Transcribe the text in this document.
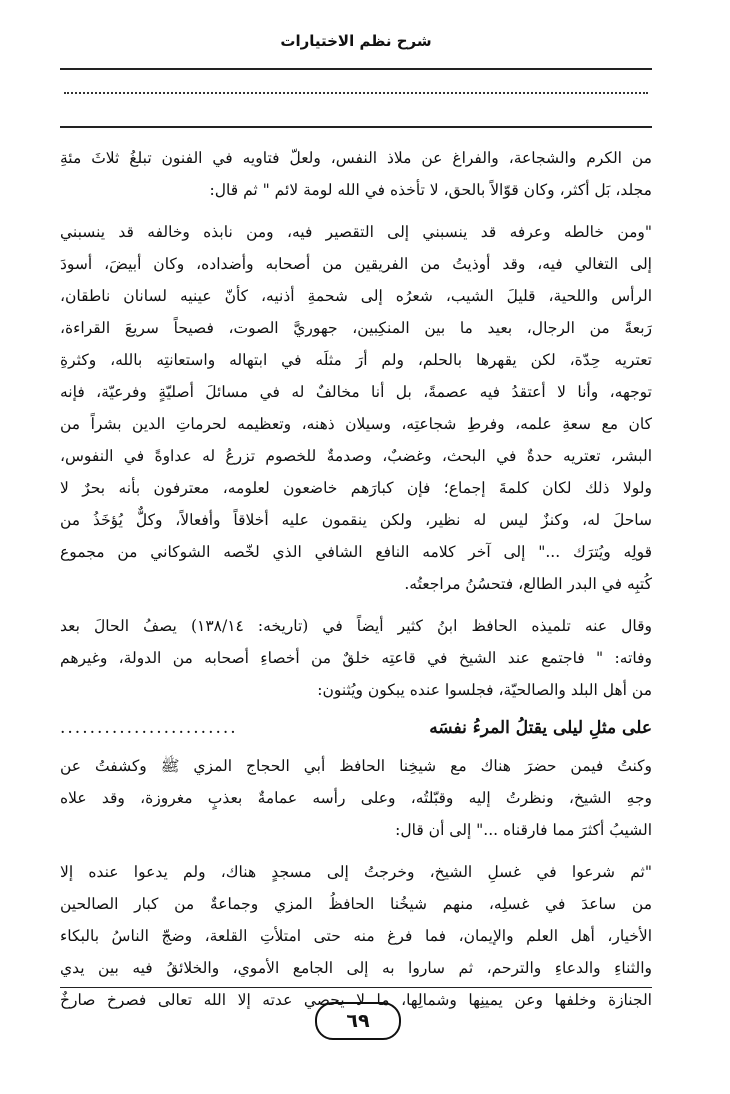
شرح نظم الاختيارات
من الكرم والشجاعة، والفراغ عن ملاذ النفس، ولعلّ فتاويه في الفنون تبلغُ ثلاثَ مئةِ
مجلد، بَل أكثر، وكان قوّالاً بالحق، لا تأخذه في الله لومة لائم " ثم قال:
"ومن خالطه وعرفه قد ينسبني إلى التقصير فيه، ومن نابذه وخالفه قد ينسبني
إلى التغالي فيه، وقد أوذيتُ من الفريقين من أصحابه وأضداده، وكان أبيضَ، أسودَ
الرأس واللحية، قليلَ الشيب، شعرُه إلى شحمةِ أذنيه، كأنّ عينيه لسانان ناطقان،
رَبعةً من الرجال، بعيد ما بين المنكِبين، جهوريَّ الصوت، فصيحاً سريعَ القراءة،
تعتريه حِدّة، لكن يقهرها بالحلم، ولم أرَ مثلَه في ابتهاله واستعانتِه بالله، وكثرةِ
توجهه، وأنا لا أعتقدُ فيه عصمةً، بل أنا مخالفٌ له في مسائلَ أصليّةٍ وفرعيّة، فإنه
كان مع سعةِ علمه، وفرطِ شجاعتِه، وسيلان ذهنه، وتعظيمه لحرماتِ الدين بشراً من
البشر، تعتريه حدةٌ في البحث، وغضبٌ، وصدمةٌ للخصوم تزرعُ له عداوةً في النفوس،
ولولا ذلك لكان كلمةَ إجماع؛ فإن كبارَهم خاضعون لعلومه، معترفون بأنه بحرٌ لا
ساحلَ له، وكنزٌ ليس له نظير، ولكن ينقمون عليه أخلاقاً وأفعالاً، وكلٌّ يُؤخَذُ من
قولِه ويُترَك ..." إلى آخر كلامه النافع الشافي الذي لخّصه الشوكاني من مجموع
كُتبِه في البدر الطالع، فتحسُنُ مراجعتُه.
وقال عنه تلميذه الحافظ ابنُ كثير أيضاً في (تاريخه: ١٣٨/١٤) يصفُ الحالَ بعد
وفاته: " فاجتمع عند الشيخ في قاعتِه خلقٌ من أخصاءِ أصحابه من الدولة، وغيرهم
من أهل البلد والصالحيّة، فجلسوا عنده يبكون ويُثنون:
على مثلِ ليلى يقتلُ المرءُ نفسَه
........................
وكنتُ فيمن حضرَ هناك مع شيخِنا الحافظ أبي الحجاج المزي ﷺ وكشفتُ عن
وجهِ الشيخ، ونظرتُ إليه وقبّلتُه، وعلى رأسه عمامةٌ بعذبٍ مغروزة، وقد علاه
الشيبُ أكثرَ مما فارقناه ..." إلى أن قال:
"ثم شرعوا في غسلِ الشيخ، وخرجتُ إلى مسجدٍ هناك، ولم يدعوا عنده إلا
من ساعدَ في غسلِه، منهم شيخُنا الحافظُ المزي وجماعةٌ من كبار الصالحين
الأخيار، أهل العلم والإيمان، فما فرغ منه حتى امتلأتِ القلعة، وضجّ الناسُ بالبكاء
والثناءِ والدعاءِ والترحم، ثم ساروا به إلى الجامع الأموي، والخلائقُ فيه بين يدي
الجنازة وخلفها وعن يمينِها وشمالِها، ما لا يحصي عدته إلا الله تعالى فصرخ صارخٌ
٦٩
